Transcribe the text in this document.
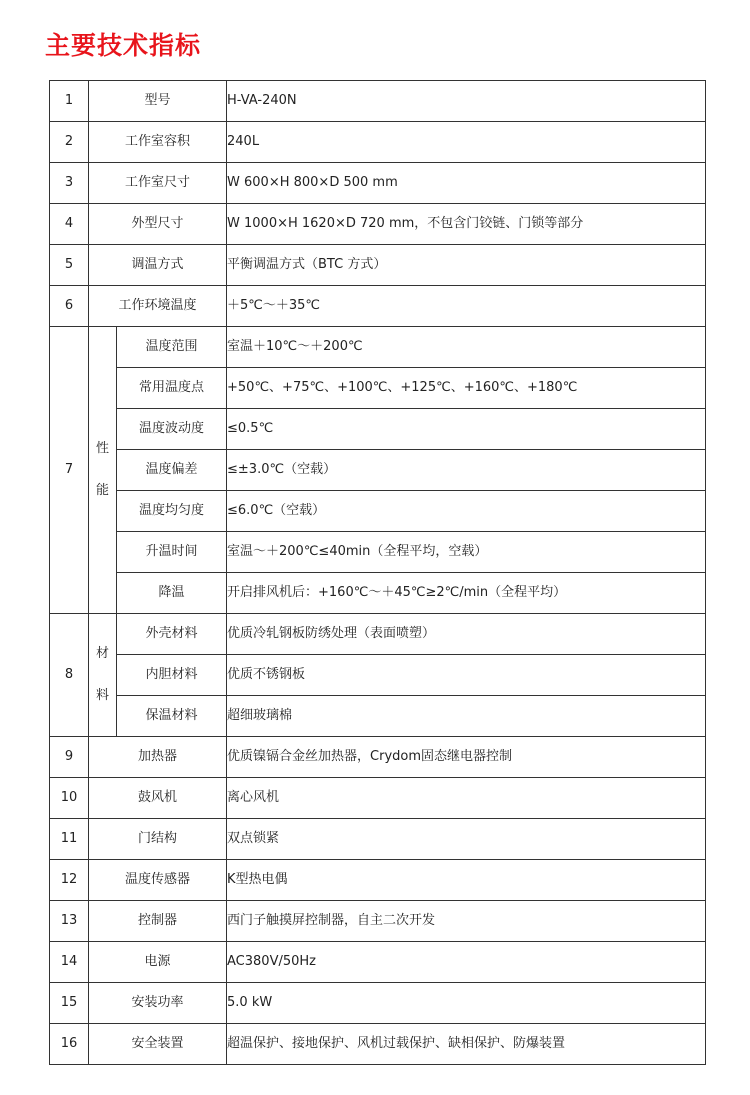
主要技术指标
1	型号		H-VA-240N
2	工作室容积		240L
3	工作室尺寸		W 600×H 800×D 500 mm
4	外型尺寸		W 1000×H 1620×D 720 mm，不包含门铰链、门锁等部分
5	调温方式		平衡调温方式（BTC 方式）
6	工作环境温度		＋5℃～＋35℃
7	性能	温度范围	室温＋10℃～＋200℃
		常用温度点	+50℃、+75℃、+100℃、+125℃、+160℃、+180℃
		温度波动度	≤0.5℃
		温度偏差	≤±3.0℃（空载）
		温度均匀度	≤6.0℃（空载）
		升温时间	室温～＋200℃≤40min（全程平均，空载）
		降温	开启排风机后：+160℃～＋45℃≥2℃/min（全程平均）
8	材料	外壳材料	优质冷轧钢板防绣处理（表面喷塑）
		内胆材料	优质不锈钢板
		保温材料	超细玻璃棉
9	加热器		优质镍镉合金丝加热器，Crydom固态继电器控制
10	鼓风机		离心风机
11	门结构		双点锁紧
12	温度传感器		K型热电偶
13	控制器		西门子触摸屏控制器，自主二次开发
14	电源		AC380V/50Hz
15	安装功率		5.0 kW
16	安全装置		超温保护、接地保护、风机过载保护、缺相保护、防爆装置
